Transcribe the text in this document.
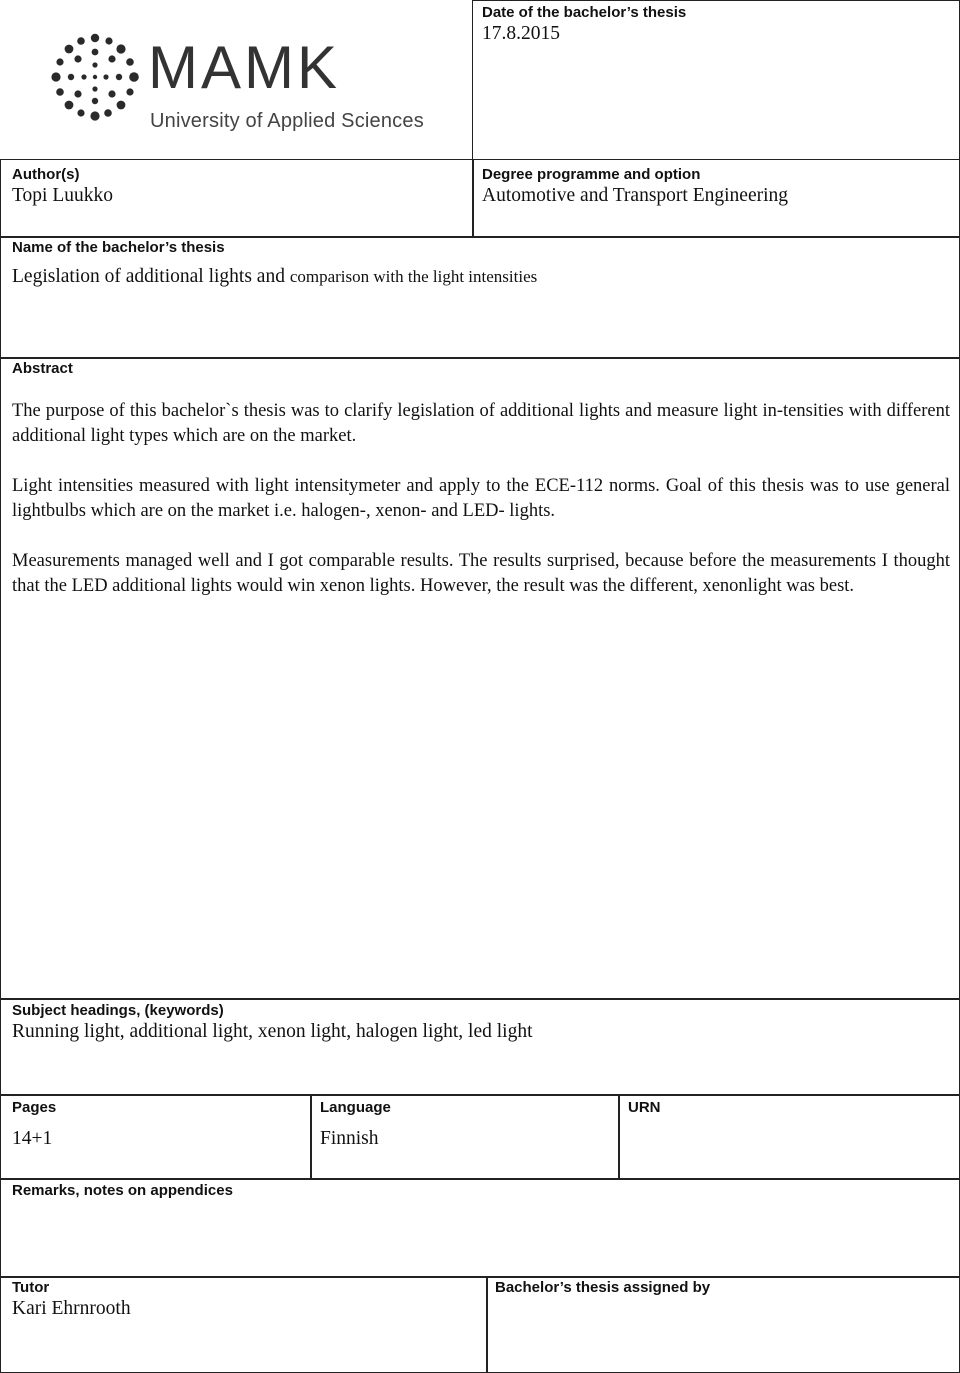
MAMK
University of Applied Sciences
Date of the bachelor’s thesis
17.8.2015
Author(s)
Topi Luukko
Degree programme and option
Automotive and Transport Engineering
Name of the bachelor’s thesis
Legislation of additional lights and comparison with the light intensities
Abstract

The purpose of this bachelor`s thesis was to clarify legislation of additional lights and measure light in-tensities with different additional light types which are on the market.

Light intensities measured with light intensitymeter and apply to the ECE-112 norms. Goal of this thesis was to use general lightbulbs which are on the market i.e. halogen-, xenon- and LED- lights.

Measurements managed well and I got comparable results. The results surprised, because before the measurements I thought that the LED additional lights would win xenon lights. However, the result was the different, xenonlight was best.

Subject headings, (keywords)
Running light, additional light, xenon light, halogen light, led light
Pages
14+1
Language
Finnish
URN
Remarks, notes on appendices
Tutor
Kari Ehrnrooth
Bachelor’s thesis assigned by
